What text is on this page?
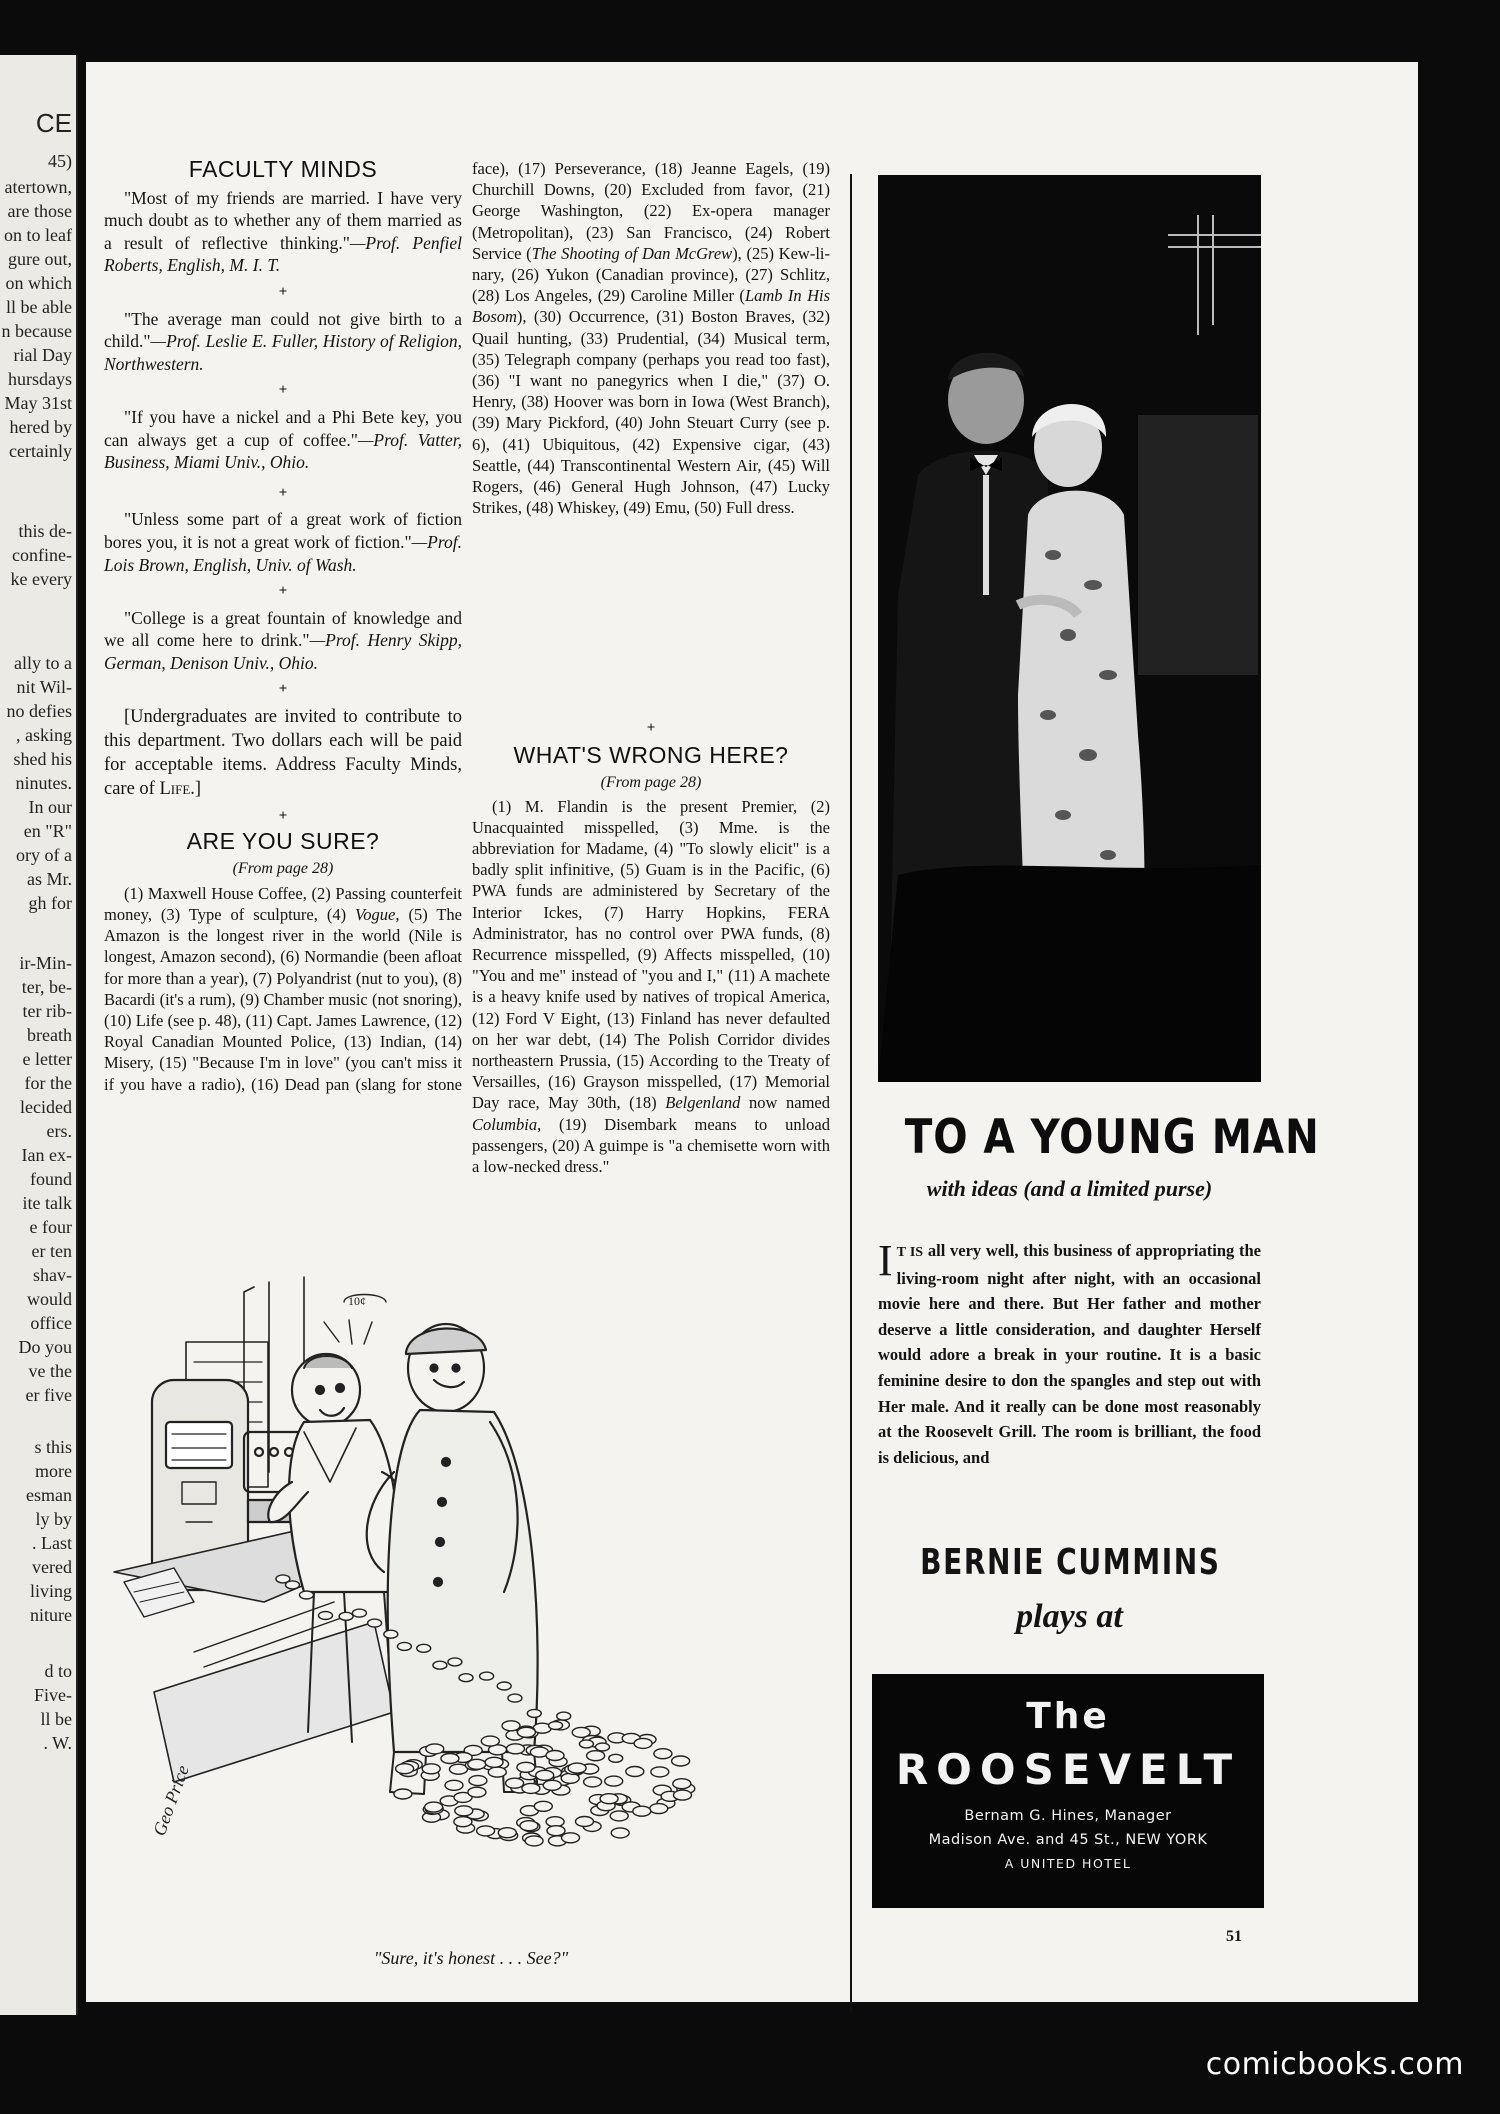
CE
45)
atertown,
are those
on to leaf
gure out,
on which
ll be able
n because
rial Day
hursdays
May 31st
hered by
certainly
this de-
confine-
ke every
ally to a
nit Wil-
no defies
, asking
shed his
ninutes.
In our
en "R"
ory of a
as Mr.
gh for
ir-Min-
ter, be-
ter rib-
breath
e letter
for the
lecided
ers.
Ian ex-
found
ite talk
e four
er ten
shav-
would
office
Do you
ve the
er five
s this
more
esman
ly by
. Last
vered
living
niture
d to
Five-
ll be
. W.
FACULTY MINDS

"Most of my friends are married. I have very much doubt as to whether any of them married as a result of reflective thinking."—Prof. Penfiel Roberts, English, M. I. T.

+

"The average man could not give birth to a child."—Prof. Leslie E. Fuller, History of Religion, Northwestern.

+

"If you have a nickel and a Phi Bete key, you can always get a cup of coffee."—Prof. Vatter, Business, Miami Univ., Ohio.

+

"Unless some part of a great work of fiction bores you, it is not a great work of fiction."—Prof. Lois Brown, English, Univ. of Wash.

+

"College is a great fountain of knowledge and we all come here to drink."—Prof. Henry Skipp, German, Denison Univ., Ohio.

+

[Undergraduates are invited to contribute to this department. Two dollars each will be paid for acceptable items. Address Faculty Minds, care of Life.]

+
ARE YOU SURE?
(From page 28)

(1) Maxwell House Coffee, (2) Passing counterfeit money, (3) Type of sculpture, (4) Vogue, (5) The Amazon is the longest river in the world (Nile is longest, Amazon second), (6) Normandie (been afloat for more than a year), (7) Polyandrist (nut to you), (8) Bacardi (it's a rum), (9) Chamber music (not snoring), (10) Life (see p. 48), (11) Capt. James Lawrence, (12) Royal Canadian Mounted Police, (13) Indian, (14) Misery, (15) "Because I'm in love" (you can't miss it if you have a radio), (16) Dead pan (slang for stone

face), (17) Perseverance, (18) Jeanne Eagels, (19) Churchill Downs, (20) Excluded from favor, (21) George Washington, (22) Ex-opera manager (Metropolitan), (23) San Francisco, (24) Robert Service (The Shooting of Dan McGrew), (25) Kew-li-nary, (26) Yukon (Canadian province), (27) Schlitz, (28) Los Angeles, (29) Caroline Miller (Lamb In His Bosom), (30) Occurrence, (31) Boston Braves, (32) Quail hunting, (33) Prudential, (34) Musical term, (35) Telegraph company (perhaps you read too fast), (36) "I want no panegyrics when I die," (37) O. Henry, (38) Hoover was born in Iowa (West Branch), (39) Mary Pickford, (40) John Steuart Curry (see p. 6), (41) Ubiquitous, (42) Expensive cigar, (43) Seattle, (44) Transcontinental Western Air, (45) Will Rogers, (46) General Hugh Johnson, (47) Lucky Strikes, (48) Whiskey, (49) Emu, (50) Full dress.

+
WHAT'S WRONG HERE?
(From page 28)

(1) M. Flandin is the present Premier, (2) Unacquainted misspelled, (3) Mme. is the abbreviation for Madame, (4) "To slowly elicit" is a badly split infinitive, (5) Guam is in the Pacific, (6) PWA funds are administered by Secretary of the Interior Ickes, (7) Harry Hopkins, FERA Administrator, has no control over PWA funds, (8) Recurrence misspelled, (9) Affects misspelled, (10) "You and me" instead of "you and I," (11) A machete is a heavy knife used by natives of tropical America, (12) Ford V Eight, (13) Finland has never defaulted on her war debt, (14) The Polish Corridor divides northeastern Prussia, (15) According to the Treaty of Versailles, (16) Grayson misspelled, (17) Memorial Day race, May 30th, (18) Belgenland now named Columbia, (19) Disembark means to unload passengers, (20) A guimpe is "a chemisette worn with a low-necked dress."

10¢
Geo Price
"Sure, it's honest . . . See?"
TO A YOUNG MAN
with ideas (and a limited purse)
I T IS all very well, this business of appropriating the living-room night after night, with an occasional movie here and there. But Her father and mother deserve a little consideration, and daughter Herself would adore a break in your routine. It is a basic feminine desire to don the spangles and step out with Her male. And it really can be done most reasonably at the Roosevelt Grill. The room is brilliant, the food is delicious, and
BERNIE CUMMINS
plays at
The
ROOSEVELT
Bernam G. Hines, Manager
Madison Ave. and 45 St., NEW YORK
A UNITED HOTEL
51
comicbooks.com
